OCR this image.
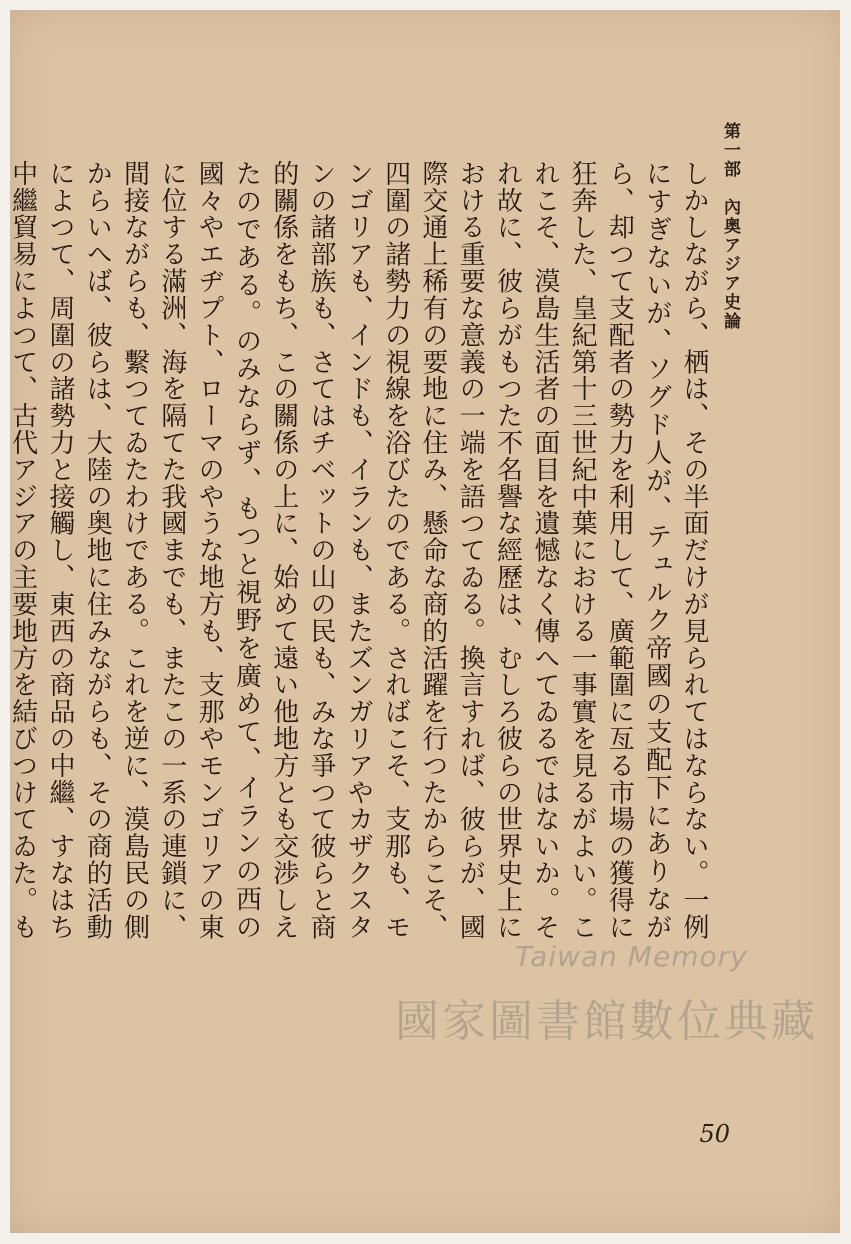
第一部　內奥アジア史論

しかしながら、栖は、その半面だけが見られてはならない。一例にすぎないが、ソグド人が、テュルク帝國の支配下にありながら、却つて支配者の勢力を利用して、廣範圍に亙る市場の獲得に狂奔した、皇紀第十三世紀中葉における一事實を見るがよい。これこそ、漠島生活者の面目を遺憾なく傳へてゐるではないか。それ故に、彼らがもつた不名譽な經歷は、むしろ彼らの世界史上における重要な意義の一端を語つてゐる。換言すれば、彼らが、國際交通上稀有の要地に住み、懸命な商的活躍を行つたからこそ、四圍の諸勢力の視線を浴びたのである。さればこそ、支那も、モンゴリアも、インドも、イランも、またズンガリアやカザクスタンの諸部族も、さてはチベットの山の民も、みな爭つて彼らと商的關係をもち、この關係の上に、始めて遠い他地方とも交渉しえたのである。のみならず、もつと視野を廣めて、イランの西の國々やエヂプト、ローマのやうな地方も、支那やモンゴリアの東に位する滿洲、海を隔てた我國までも、またこの一系の連鎖に、間接ながらも、繫つてゐたわけである。これを逆に、漠島民の側からいへば、彼らは、大陸の奥地に住みながらも、その商的活動によつて、周圍の諸勢力と接觸し、東西の商品の中繼、すなはち中繼貿易によつて、古代アジアの主要地方を結びつけてゐた。も

50
Taiwan Memory
國家圖書館數位典藏
